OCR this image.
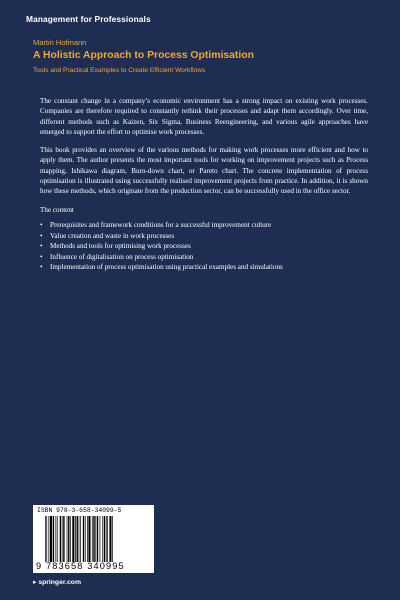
Management for Professionals
Martin Hofmann
A Holistic Approach to Process Optimisation
Tools and Practical Examples to Create Efficient Workflows

The constant change in a company’s economic environment has a strong impact on existing work processes. Companies are therefore required to constantly rethink their processes and adapt them accordingly. Over time, different methods such as Kaizen, Six Sigma, Business Reengineering, and various agile approaches have emerged to support the effort to optimise work processes.

This book provides an overview of the various methods for making work processes more efficient and how to apply them. The author presents the most important tools for working on improvement projects such as Process mapping, Ishikawa diagram, Burn-down chart, or Pareto chart. The concrete implementation of process optimisation is illustrated using successfully realised improvement projects from practice. In addition, it is shown how these methods, which originate from the production sector, can be successfully used in the office sector.

The content

• Prerequisites and framework conditions for a successful improvement culture
• Value creation and waste in work processes
• Methods and tools for optimising work processes
• Influence of digitalisation on process optimisation
• Implementation of process optimisation using practical examples and simulations
ISBN 978-3-658-34099-5
9 783658 340995
▸ springer.com
